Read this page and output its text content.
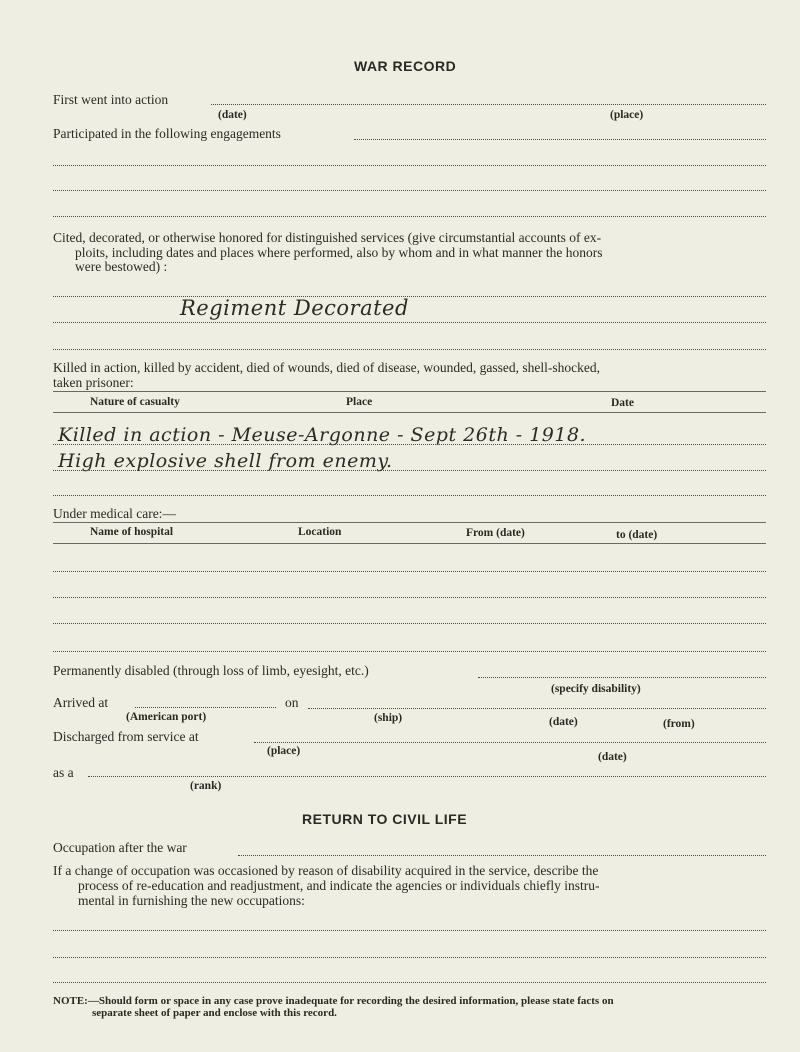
WAR RECORD
First went into action
(date)	(place)
Participated in the following engagements
Cited, decorated, or otherwise honored for distinguished services (give circumstantial accounts of ex-
ploits, including dates and places where performed, also by whom and in what manner the honors
were bestowed) :
Regiment Decorated
Killed in action, killed by accident, died of wounds, died of disease, wounded, gassed, shell-shocked,
taken prisoner:
Nature of casualty	Place	Date
Killed in action - Meuse-Argonne - Sept 26th - 1918.
High explosive shell from enemy.
Under medical care:—
Name of hospital	Location	From (date)	to (date)
Permanently disabled (through loss of limb, eyesight, etc.)
(specify disability)
Arrived at	on
(American port)	(ship)	(date)	(from)
Discharged from service at
(place)	(date)
as a
(rank)
RETURN TO CIVIL LIFE
Occupation after the war
If a change of occupation was occasioned by reason of disability acquired in the service, describe the
process of re-education and readjustment, and indicate the agencies or individuals chiefly instru-
mental in furnishing the new occupations:
NOTE:—Should form or space in any case prove inadequate for recording the desired information, please state facts on
separate sheet of paper and enclose with this record.
